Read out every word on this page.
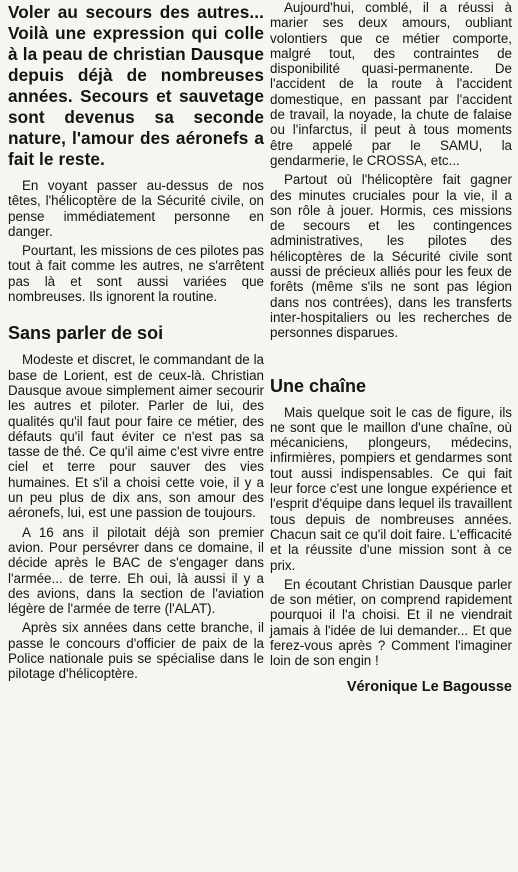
Voler au secours des autres... Voilà une expression qui colle à la peau de christian Dausque depuis déjà de nombreuses années. Secours et sauvetage sont devenus sa seconde nature, l'amour des aéronefs a fait le reste.

En voyant passer au-dessus de nos têtes, l'hélicoptère de la Sécurité civile, on pense immédiatement personne en danger.

Pourtant, les missions de ces pilotes pas tout à fait comme les autres, ne s'arrêtent pas là et sont aussi variées que nombreuses. Ils ignorent la routine.

Sans parler de soi

Modeste et discret, le commandant de la base de Lorient, est de ceux-là. Christian Dausque avoue simplement aimer secourir les autres et piloter. Parler de lui, des qualités qu'il faut pour faire ce métier, des défauts qu'il faut éviter ce n'est pas sa tasse de thé. Ce qu'il aime c'est vivre entre ciel et terre pour sauver des vies humaines. Et s'il a choisi cette voie, il y a un peu plus de dix ans, son amour des aéronefs, lui, est une passion de toujours.

A 16 ans il pilotait déjà son premier avion. Pour persévrer dans ce domaine, il décide après le BAC de s'engager dans l'armée... de terre. Eh oui, là aussi il y a des avions, dans la section de l'aviation légère de l'armée de terre (l'ALAT).

Après six années dans cette branche, il passe le concours d'officier de paix de la Police nationale puis se spécialise dans le pilotage d'hélicoptère.

Aujourd'hui, comblé, il a réussi à marier ses deux amours, oubliant volontiers que ce métier comporte, malgré tout, des contraintes de disponibilité quasi-permanente. De l'accident de la route à l'accident domestique, en passant par l'accident de travail, la noyade, la chute de falaise ou l'infarctus, il peut à tous moments être appelé par le SAMU, la gendarmerie, le CROSSA, etc...

Partout où l'hélicoptère fait gagner des minutes cruciales pour la vie, il a son rôle à jouer. Hormis, ces missions de secours et les contingences administratives, les pilotes des hélicoptères de la Sécurité civile sont aussi de précieux alliés pour les feux de forêts (même s'ils ne sont pas légion dans nos contrées), dans les transferts inter-hospitaliers ou les recherches de personnes disparues.

Une chaîne

Mais quelque soit le cas de figure, ils ne sont que le maillon d'une chaîne, où mécaniciens, plongeurs, médecins, infirmières, pompiers et gendarmes sont tout aussi indispensables. Ce qui fait leur force c'est une longue expérience et l'esprit d'équipe dans lequel ils travaillent tous depuis de nombreuses années. Chacun sait ce qu'il doit faire. L'efficacité et la réussite d'une mission sont à ce prix.

En écoutant Christian Dausque parler de son métier, on comprend rapidement pourquoi il l'a choisi. Et il ne viendrait jamais à l'idée de lui demander... Et que ferez-vous après ? Comment l'imaginer loin de son engin !

Véronique Le Bagousse
